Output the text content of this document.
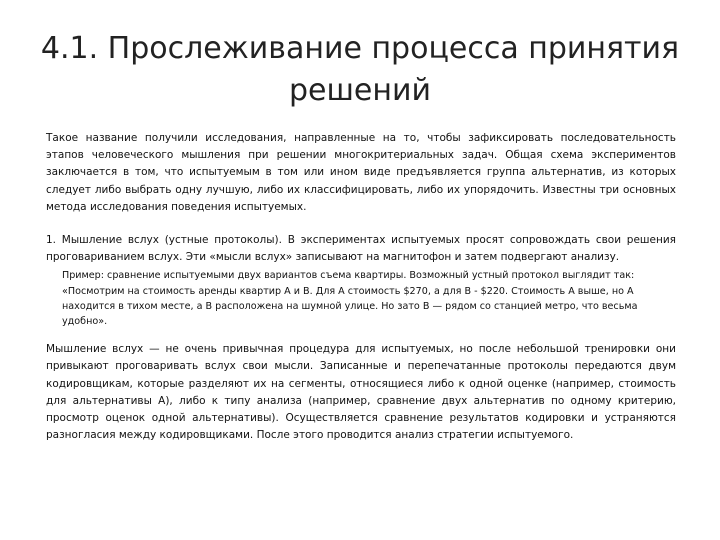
4.1. Прослеживание процесса принятия решений

Такое название получили исследования, направленные на то, чтобы зафиксировать последовательность этапов человеческого мышления при решении многокритериальных задач. Общая схема экспериментов заключается в том, что испытуемым в том или ином виде предъявляется группа альтернатив, из которых следует либо выбрать одну лучшую, либо их классифицировать, либо их упорядочить. Известны три основных метода исследования поведения испытуемых.

1. Мышление вслух (устные протоколы). В экспериментах испытуемых просят сопровождать свои решения проговариванием вслух. Эти «мысли вслух» записывают на магнитофон и затем подвергают анализу.

Пример: сравнение испытуемыми двух вариантов съема квартиры. Возможный устный протокол выглядит так: «Посмотрим на стоимость аренды квартир А и В. Для А стоимость $270, а для В - $220. Стоимость А выше, но А находится в тихом месте, а В расположена на шумной улице. Но зато В — рядом со станцией метро, что весьма удобно».

Мышление вслух — не очень привычная процедура для испытуемых, но после небольшой тренировки они привыкают проговаривать вслух свои мысли. Записанные и перепечатанные протоколы передаются двум кодировщикам, которые разделяют их на сегменты, относящиеся либо к одной оценке (например, стоимость для альтернативы А), либо к типу анализа (например, сравнение двух альтернатив по одному критерию, просмотр оценок одной альтернативы). Осуществляется сравнение результатов кодировки и устраняются разногласия между кодировщиками. После этого проводится анализ стратегии испытуемого.
